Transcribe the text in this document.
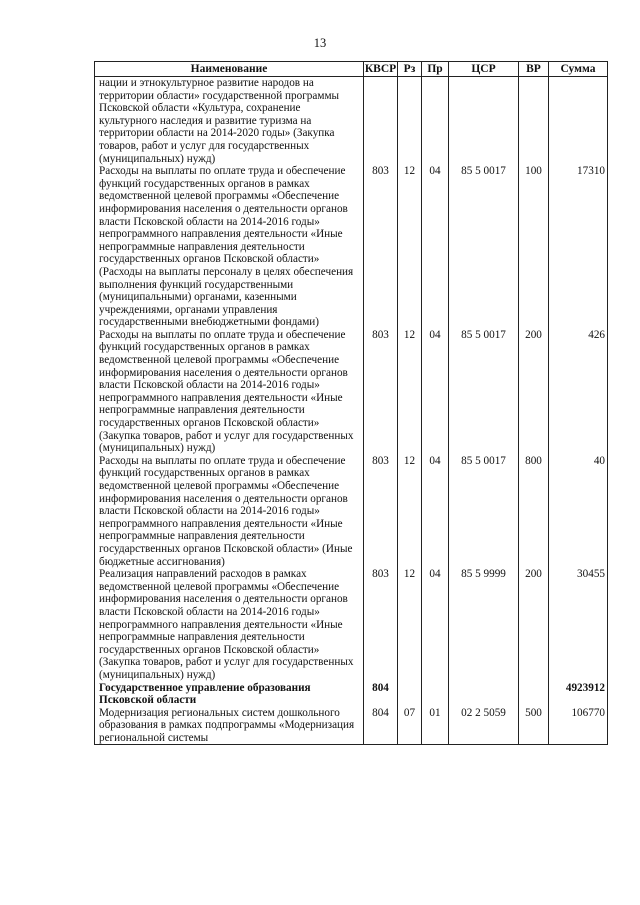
13
Наименование	КВСР	Рз	Пр	ЦСР	ВР	Сумма
нации и этнокультурное развитие народов на территории области» государственной программы Псковской области «Культура, сохранение культурного наследия и развитие туризма на территории области на 2014-2020 годы» (Закупка товаров, работ и услуг для государственных (муниципальных) нужд)						
Расходы на выплаты по оплате труда и обеспечение функций государственных органов в рамках ведомственной целевой программы «Обеспечение информирования населения о деятельности органов власти Псковской области на 2014-2016 годы» непрограммного направления деятельности «Иные непрограммные направления деятельности государственных органов Псковской области» (Расходы на выплаты персоналу в целях обеспечения выполнения функций государственными (муниципальными) органами, казенными учреждениями, органами управления государственными внебюджетными фондами)	803	12	04	85 5 0017	100	17310
Расходы на выплаты по оплате труда и обеспечение функций государственных органов в рамках ведомственной целевой программы «Обеспечение информирования населения о деятельности органов власти Псковской области на 2014-2016 годы» непрограммного направления деятельности «Иные непрограммные направления деятельности государственных органов Псковской области» (Закупка товаров, работ и услуг для государственных (муниципальных) нужд)	803	12	04	85 5 0017	200	426
Расходы на выплаты по оплате труда и обеспечение функций государственных органов в рамках ведомственной целевой программы «Обеспечение информирования населения о деятельности органов власти Псковской области на 2014-2016 годы» непрограммного направления деятельности «Иные непрограммные направления деятельности государственных органов Псковской области» (Иные бюджетные ассигнования)	803	12	04	85 5 0017	800	40
Реализация направлений расходов в рамках ведомственной целевой программы «Обеспечение информирования населения о деятельности органов власти Псковской области на 2014-2016 годы» непрограммного направления деятельности «Иные непрограммные направления деятельности государственных органов Псковской области» (Закупка товаров, работ и услуг для государственных (муниципальных) нужд)	803	12	04	85 5 9999	200	30455
Государственное управление образования Псковской области	804					4923912
Модернизация региональных систем дошкольного образования в рамках подпрограммы «Модернизация региональной системы	804	07	01	02 2 5059	500	106770
